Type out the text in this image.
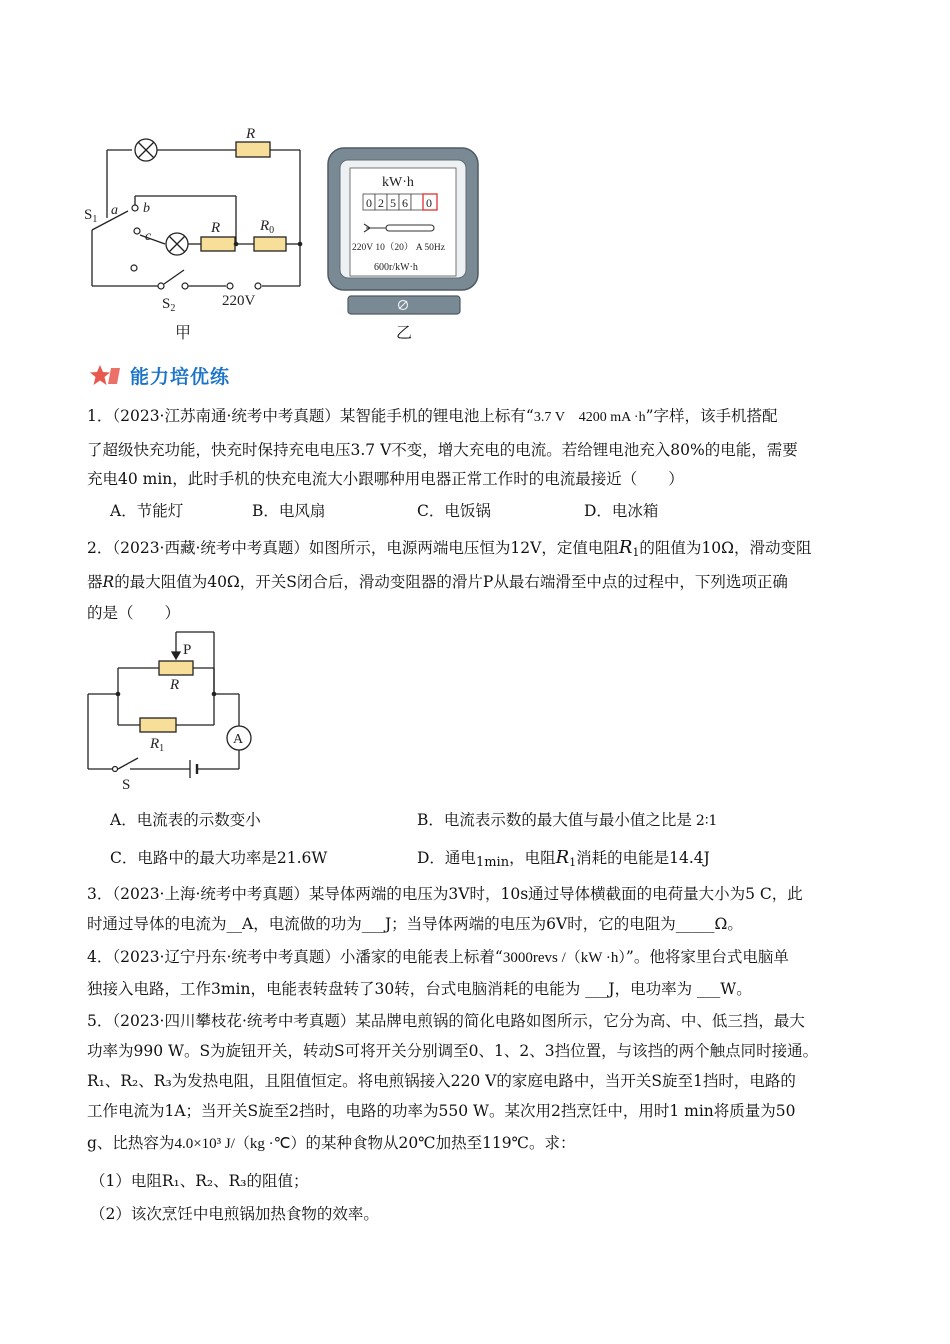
R
$S_1$
a b
c
R	$R_0$
$S_2$	220V
甲
kW·h
0 2 5 6 0
220V 10（20） A 50Hz
600r/kW·h
乙
能力培优练
1．（2023·江苏南通·统考中考真题）某智能手机的锂电池上标有“3.7 V　4200 mA ·h”字样，该手机搭配
了超级快充功能，快充时保持充电电压3.7 V不变，增大充电的电流。若给锂电池充入80%的电能，需要
充电40 min，此时手机的快充电流大小跟哪种用电器正常工作时的电流最接近（　　）
A．节能灯	B．电风扇	C．电饭锅	D．电冰箱
2．（2023·西藏·统考中考真题）如图所示，电源两端电压恒为12V，定值电阻$R_1$的阻值为10Ω，滑动变阻
器R的最大阻值为40Ω，开关S闭合后，滑动变阻器的滑片P从最右端滑至中点的过程中，下列选项正确
的是（　　）
P
R
$R_1$
A
S
A．电流表的示数变小	B．电流表示数的最大值与最小值之比是 2∶1
C．电路中的最大功率是21.6W	D．通电1min，电阻$R_1$消耗的电能是14.4J
3．（2023·上海·统考中考真题）某导体两端的电压为3V时，10s通过导体横截面的电荷量大小为5 C，此
时通过导体的电流为__A，电流做的功为___J；当导体两端的电压为6V时，它的电阻为_____Ω。
4．（2023·辽宁丹东·统考中考真题）小潘家的电能表上标着“3000revs /（kW ·h）”。他将家里台式电脑单
独接入电路，工作3min，电能表转盘转了30转，台式电脑消耗的电能为 ___J，电功率为 ___W。
5．（2023·四川攀枝花·统考中考真题）某品牌电煎锅的简化电路如图所示，它分为高、中、低三挡，最大
功率为990 W。S为旋钮开关，转动S可将开关分别调至0、1、2、3挡位置，与该挡的两个触点同时接通。
R₁、R₂、R₃为发热电阻，且阻值恒定。将电煎锅接入220 V的家庭电路中，当开关S旋至1挡时，电路的
工作电流为1A；当开关S旋至2挡时，电路的功率为550 W。某次用2挡烹饪中，用时1 min将质量为50
g、比热容为4.0×10³ J/（kg ·℃）的某种食物从20℃加热至119℃。求：
（1）电阻R₁、R₂、R₃的阻值；
（2）该次烹饪中电煎锅加热食物的效率。
